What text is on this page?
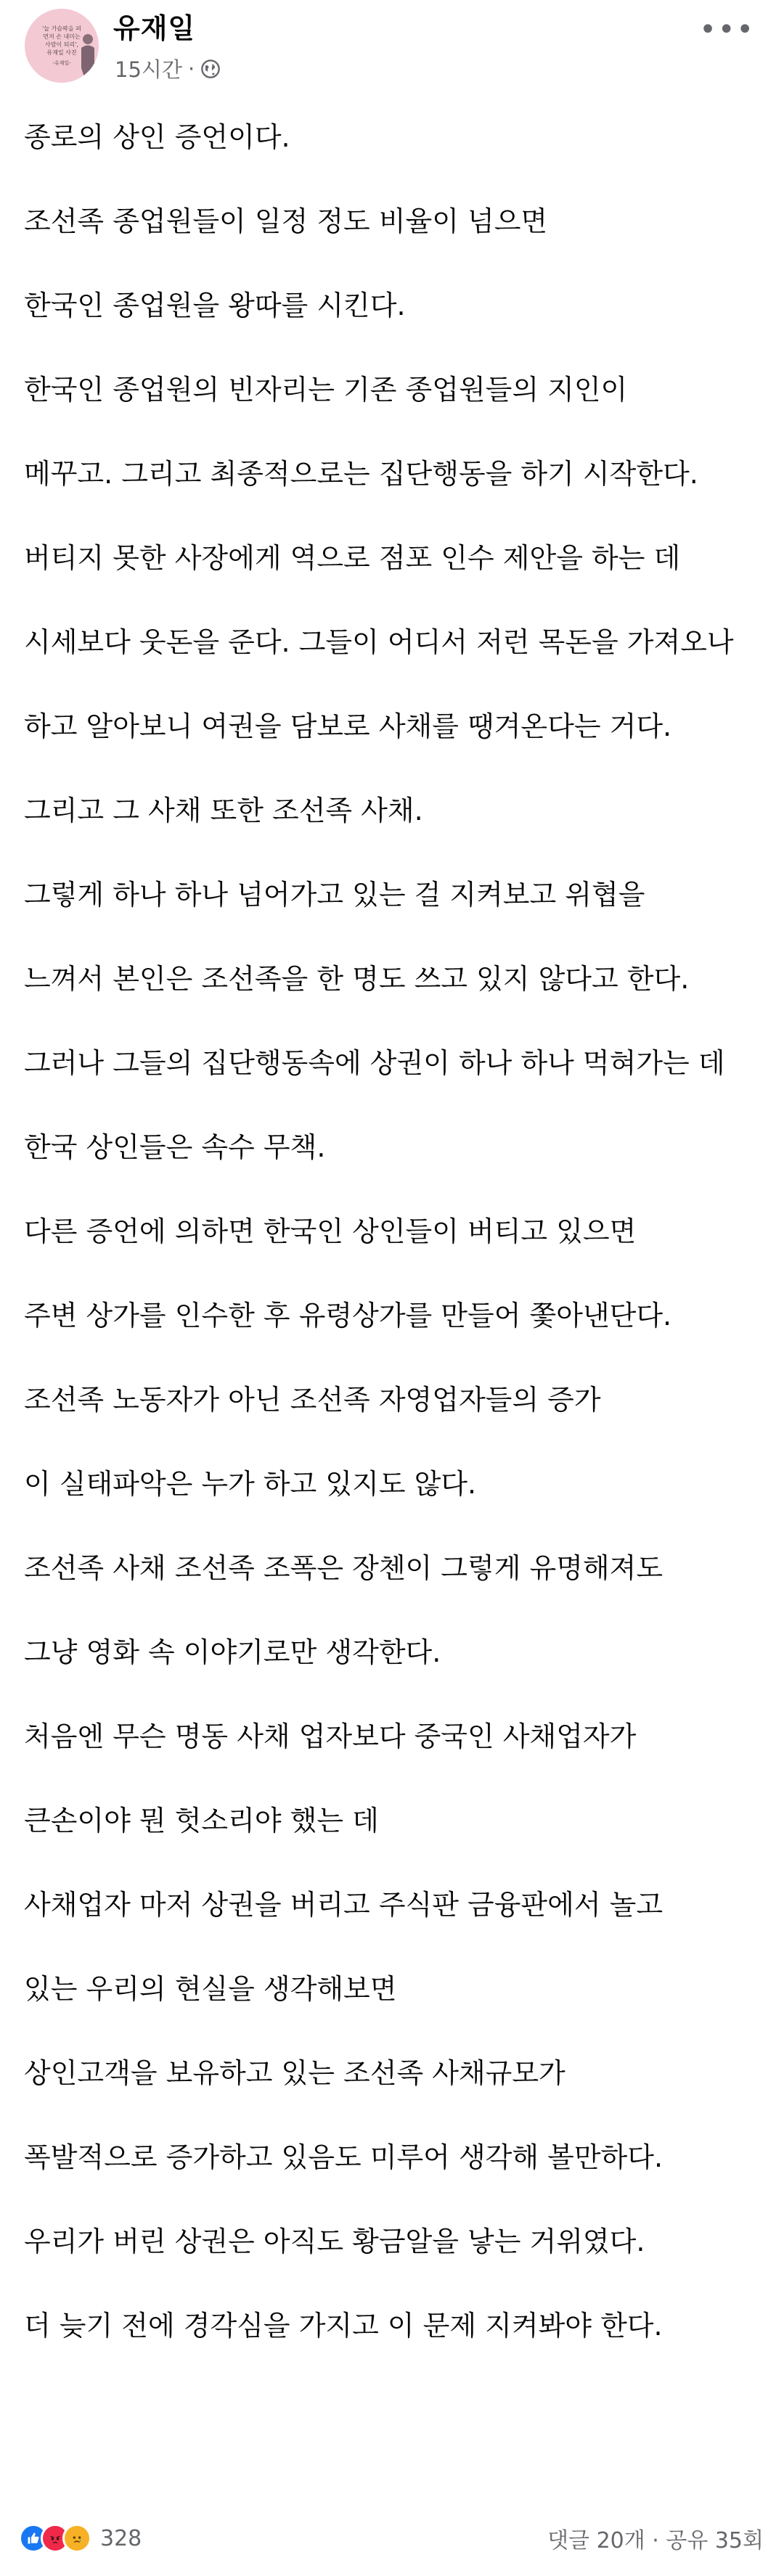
'늘 가슴팍을 펴
먼저 손 내미는
사람이 되리',
유재일 사진
-유재일-
유재일
15시간 ·
•••

종로의 상인 증언이다.

조선족 종업원들이 일정 정도 비율이 넘으면

한국인 종업원을 왕따를 시킨다.

한국인 종업원의 빈자리는 기존 종업원들의 지인이

메꾸고. 그리고 최종적으로는 집단행동을 하기 시작한다.

버티지 못한 사장에게 역으로 점포 인수 제안을 하는 데

시세보다 웃돈을 준다. 그들이 어디서 저런 목돈을 가져오나

하고 알아보니 여권을 담보로 사채를 땡겨온다는 거다.

그리고 그 사채 또한 조선족 사채.

그렇게 하나 하나 넘어가고 있는 걸 지켜보고 위협을

느껴서 본인은 조선족을 한 명도 쓰고 있지 않다고 한다.

그러나 그들의 집단행동속에 상권이 하나 하나 먹혀가는 데

한국 상인들은 속수 무책.

다른 증언에 의하면 한국인 상인들이 버티고 있으면

주변 상가를 인수한 후 유령상가를 만들어 쫓아낸단다.

조선족 노동자가 아닌 조선족 자영업자들의 증가

이 실태파악은 누가 하고 있지도 않다.

조선족 사채 조선족 조폭은 장첸이 그렇게 유명해져도

그냥 영화 속 이야기로만 생각한다.

처음엔 무슨 명동 사채 업자보다 중국인 사채업자가

큰손이야 뭔 헛소리야 했는 데

사채업자 마저 상권을 버리고 주식판 금융판에서 놀고

있는 우리의 현실을 생각해보면

상인고객을 보유하고 있는 조선족 사채규모가

폭발적으로 증가하고 있음도 미루어 생각해 볼만하다.

우리가 버린 상권은 아직도 황금알을 낳는 거위였다.

더 늦기 전에 경각심을 가지고 이 문제 지켜봐야 한다.

328	댓글 20개 · 공유 35회
